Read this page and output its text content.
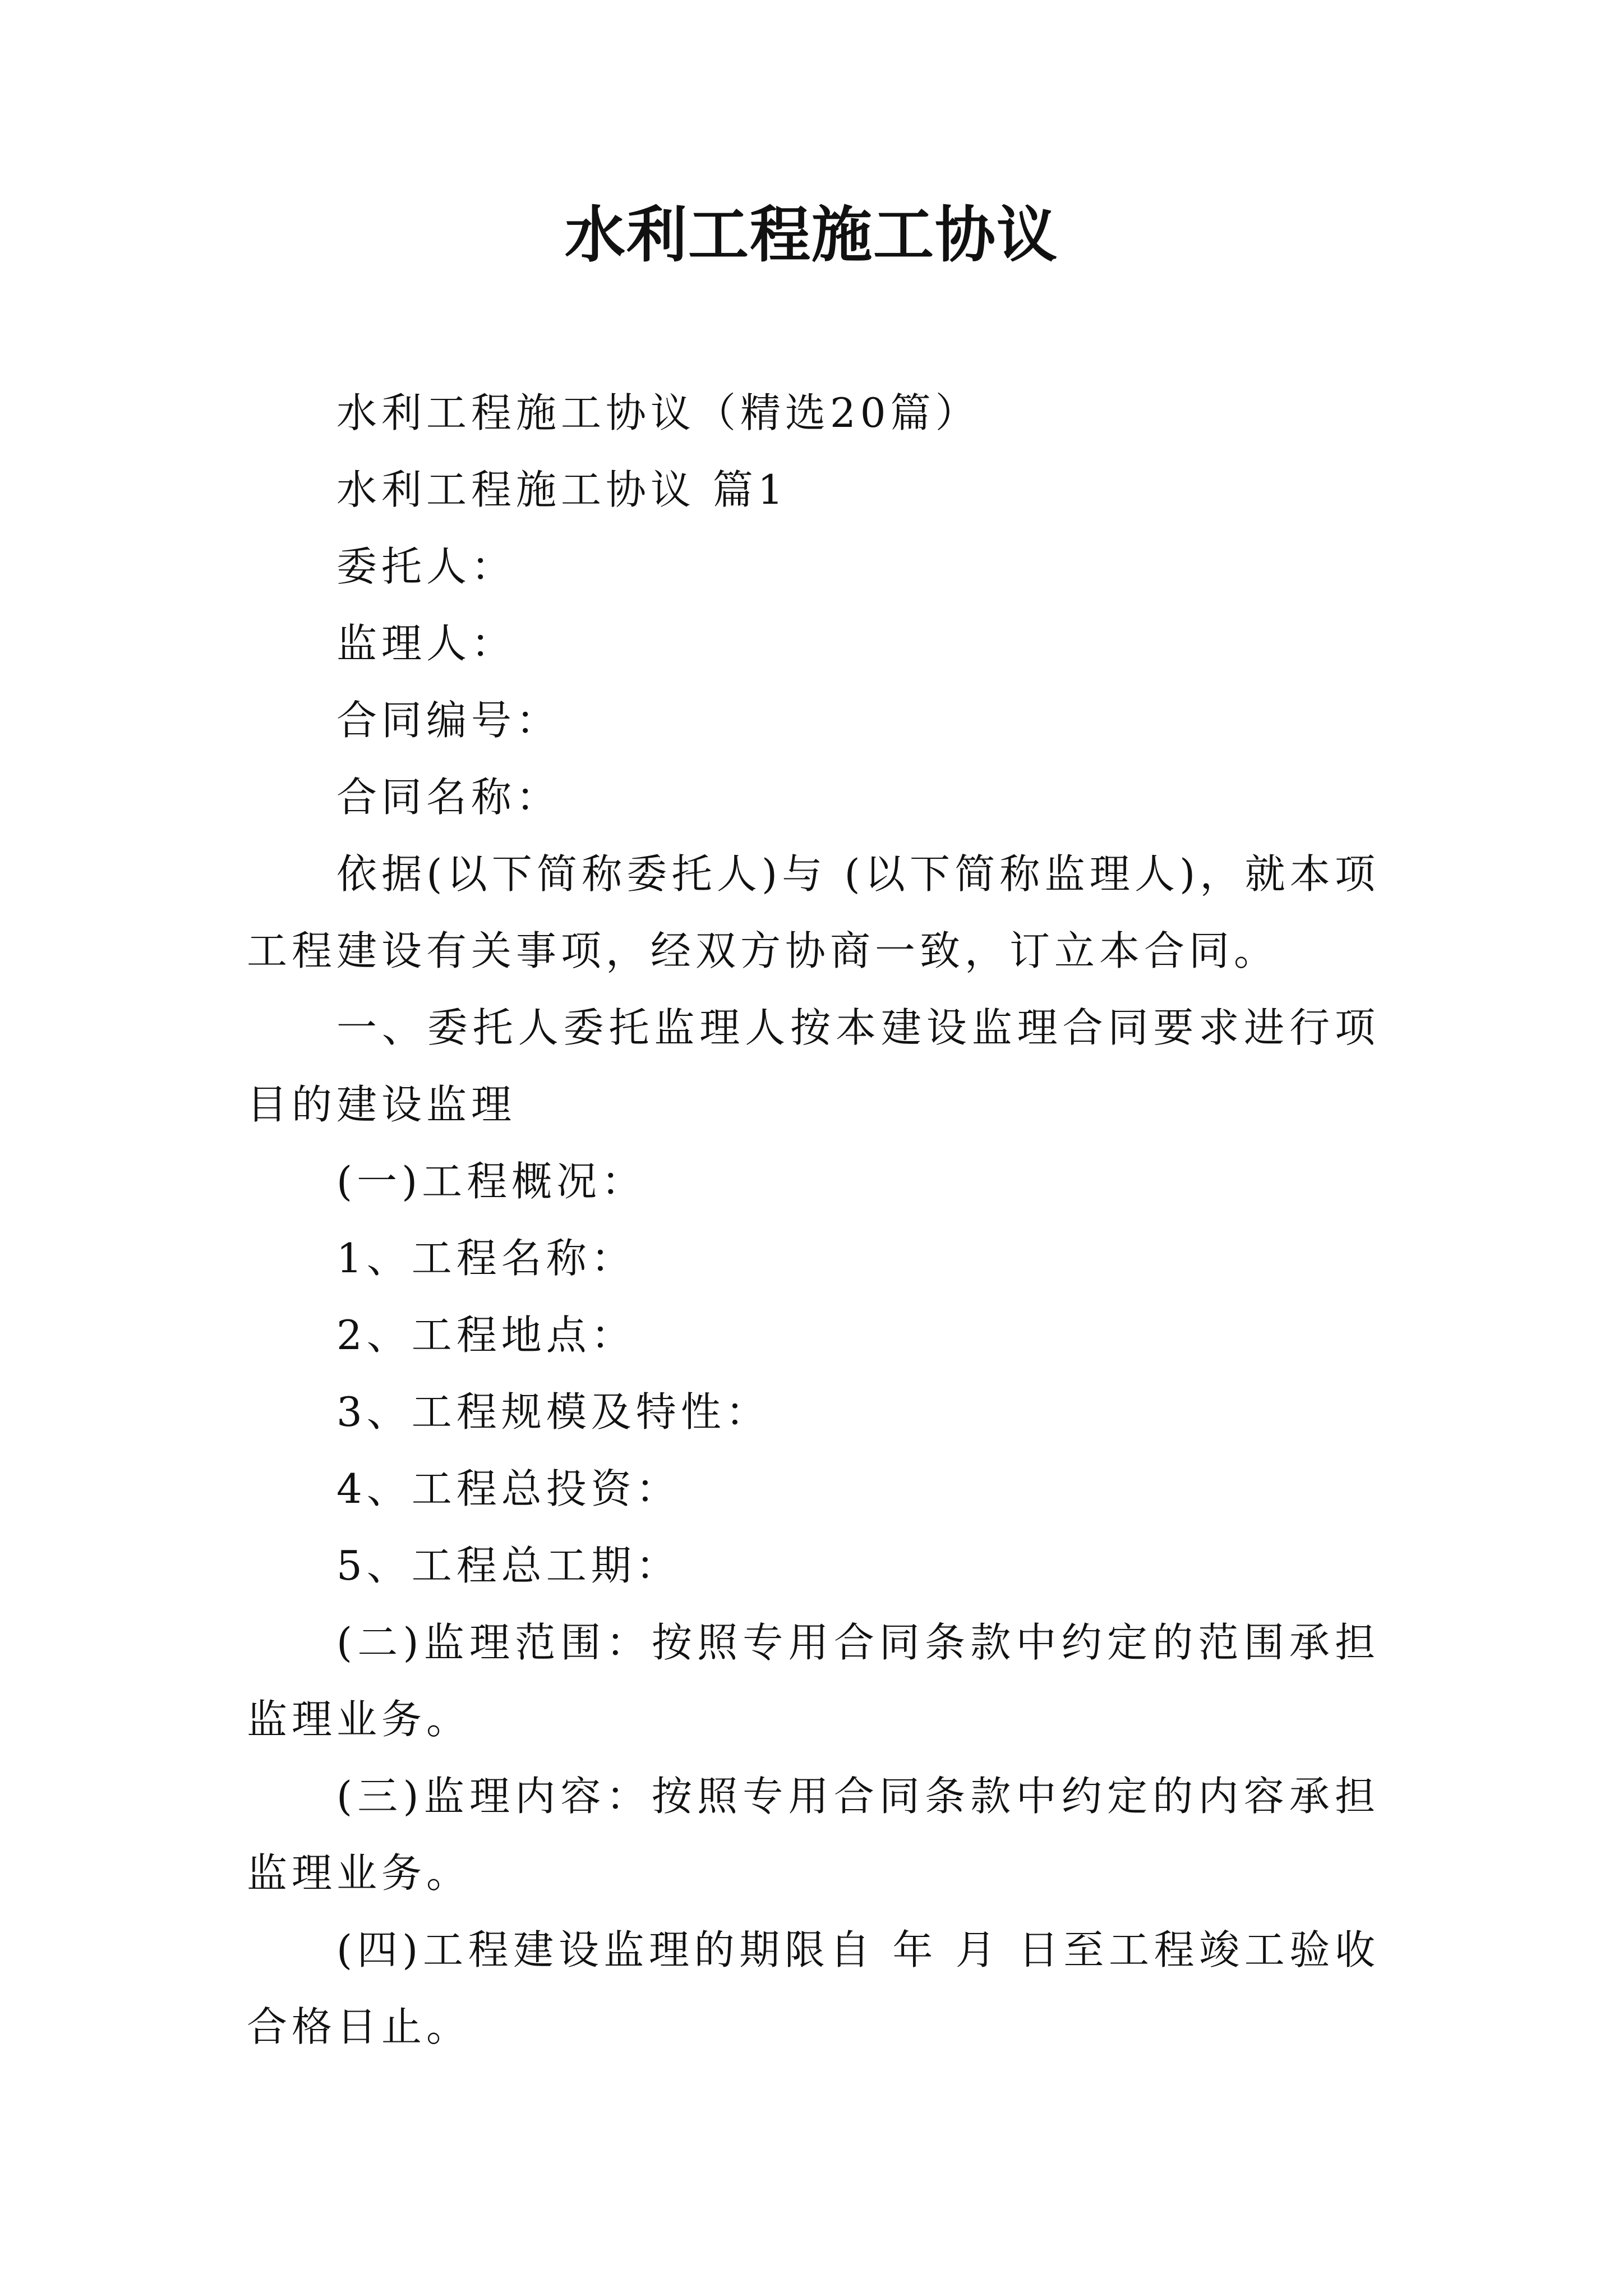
水利工程施工协议

水利工程施工协议（精选20篇）

水利工程施工协议 篇1

委托人：

监理人：

合同编号：

合同名称：

依据(以下简称委托人)与 (以下简称监理人)，就本项工程建设有关事项，经双方协商一致，订立本合同。

一、委托人委托监理人按本建设监理合同要求进行项目的建设监理

(一)工程概况：

1、工程名称：

2、工程地点：

3、工程规模及特性：

4、工程总投资：

5、工程总工期：

(二)监理范围：按照专用合同条款中约定的范围承担监理业务。

(三)监理内容：按照专用合同条款中约定的内容承担监理业务。

(四)工程建设监理的期限自 年 月 日至工程竣工验收合格日止。
